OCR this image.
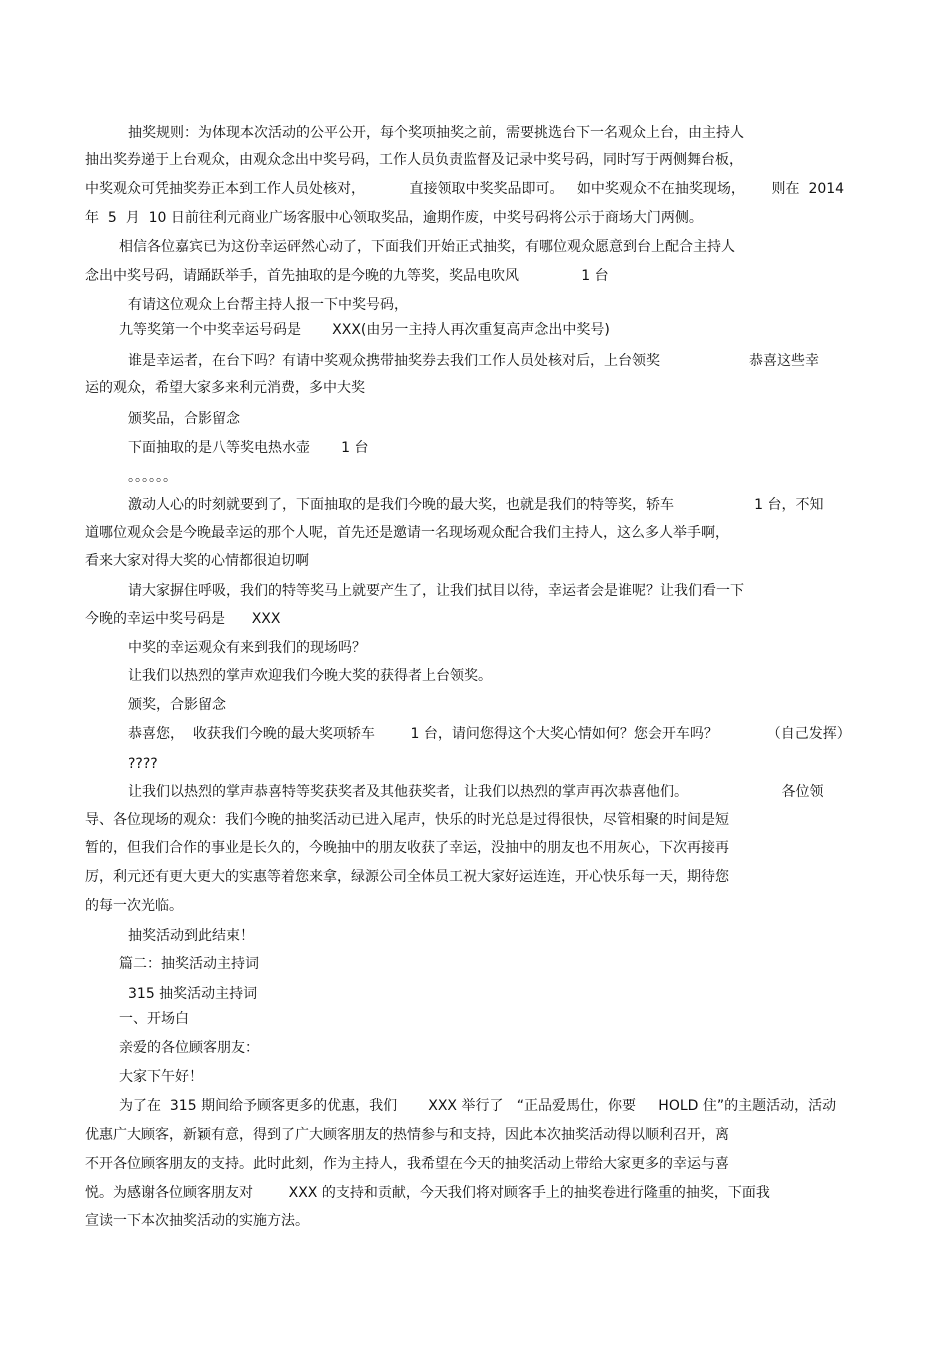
抽奖规则：为体现本次活动的公平公开，每个奖项抽奖之前，需要挑选台下一名观众上台，由主持人
抽出奖券递于上台观众，由观众念出中奖号码，工作人员负责监督及记录中奖号码，同时写于两侧舞台板，
中奖观众可凭抽奖券正本到工作人员处核对，          直接领取中奖奖品即可。   如中奖观众不在抽奖现场，      则在  2014
年  5  月  10 日前往利元商业广场客服中心领取奖品，逾期作废，中奖号码将公示于商场大门两侧。
相信各位嘉宾已为这份幸运砰然心动了，下面我们开始正式抽奖，有哪位观众愿意到台上配合主持人
念出中奖号码，请踊跃举手，首先抽取的是今晚的九等奖，奖品电吹风              1 台
有请这位观众上台帮主持人报一下中奖号码，
九等奖第一个中奖幸运号码是       XXX(由另一主持人再次重复高声念出中奖号)
谁是幸运者，在台下吗？有请中奖观众携带抽奖券去我们工作人员处核对后，上台领奖                    恭喜这些幸
运的观众，希望大家多来利元消费，多中大奖
颁奖品，合影留念
下面抽取的是八等奖电热水壶       1 台
。。。。。。
激动人心的时刻就要到了，下面抽取的是我们今晚的最大奖，也就是我们的特等奖，轿车                  1 台，不知
道哪位观众会是今晚最幸运的那个人呢，首先还是邀请一名现场观众配合我们主持人，这么多人举手啊，
看来大家对得大奖的心情都很迫切啊
请大家摒住呼吸，我们的特等奖马上就要产生了，让我们拭目以待，幸运者会是谁呢？让我们看一下
今晚的幸运中奖号码是      XXX
中奖的幸运观众有来到我们的现场吗？
让我们以热烈的掌声欢迎我们今晚大奖的获得者上台领奖。
颁奖，合影留念
恭喜您，  收获我们今晚的最大奖项轿车        1 台，请问您得这个大奖心情如何？您会开车吗？           （自己发挥）
????
让我们以热烈的掌声恭喜特等奖获奖者及其他获奖者，让我们以热烈的掌声再次恭喜他们。                     各位领
导、各位现场的观众：我们今晚的抽奖活动已进入尾声，快乐的时光总是过得很快，尽管相聚的时间是短
暂的，但我们合作的事业是长久的，今晚抽中的朋友收获了幸运，没抽中的朋友也不用灰心，下次再接再
厉，利元还有更大更大的实惠等着您来拿，绿源公司全体员工祝大家好运连连，开心快乐每一天，期待您
的每一次光临。
抽奖活动到此结束！
篇二：抽奖活动主持词
315 抽奖活动主持词
一、开场白
亲爱的各位顾客朋友：
大家下午好！
为了在  315 期间给予顾客更多的优惠，我们       XXX 举行了   “正品爱馬仕，你要     HOLD 住”的主题活动，活动
优惠广大顾客，新颖有意，得到了广大顾客朋友的热情参与和支持，因此本次抽奖活动得以顺利召开，离
不开各位顾客朋友的支持。此时此刻，作为主持人，我希望在今天的抽奖活动上带给大家更多的幸运与喜
悦。为感谢各位顾客朋友对        XXX 的支持和贡献，今天我们将对顾客手上的抽奖卷进行隆重的抽奖，下面我
宣读一下本次抽奖活动的实施方法。
